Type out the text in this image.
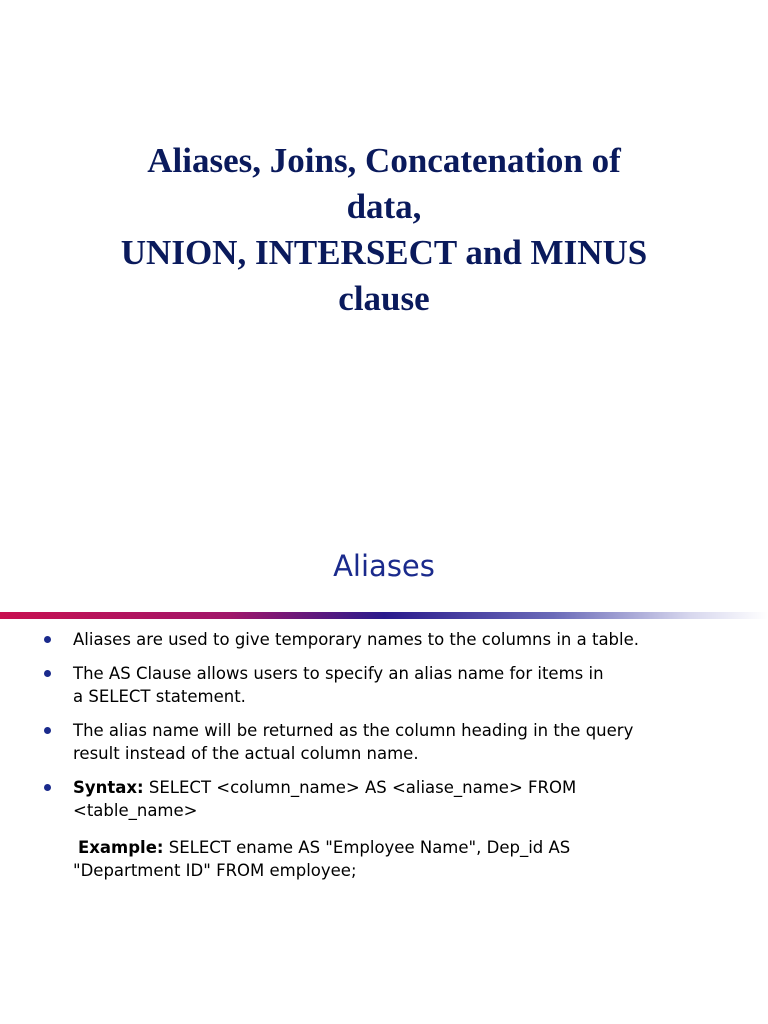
Aliases, Joins, Concatenation of
data,
UNION, INTERSECT and MINUS
clause
Aliases
Aliases are used to give temporary names to the columns in a table.
The AS Clause allows users to specify an alias name for items in
a SELECT statement.
The alias name will be returned as the column heading in the query
result instead of the actual column name.
Syntax: SELECT <column_name> AS <aliase_name> FROM
<table_name>
Example: SELECT ename AS "Employee Name", Dep_id AS
"Department ID" FROM employee;
